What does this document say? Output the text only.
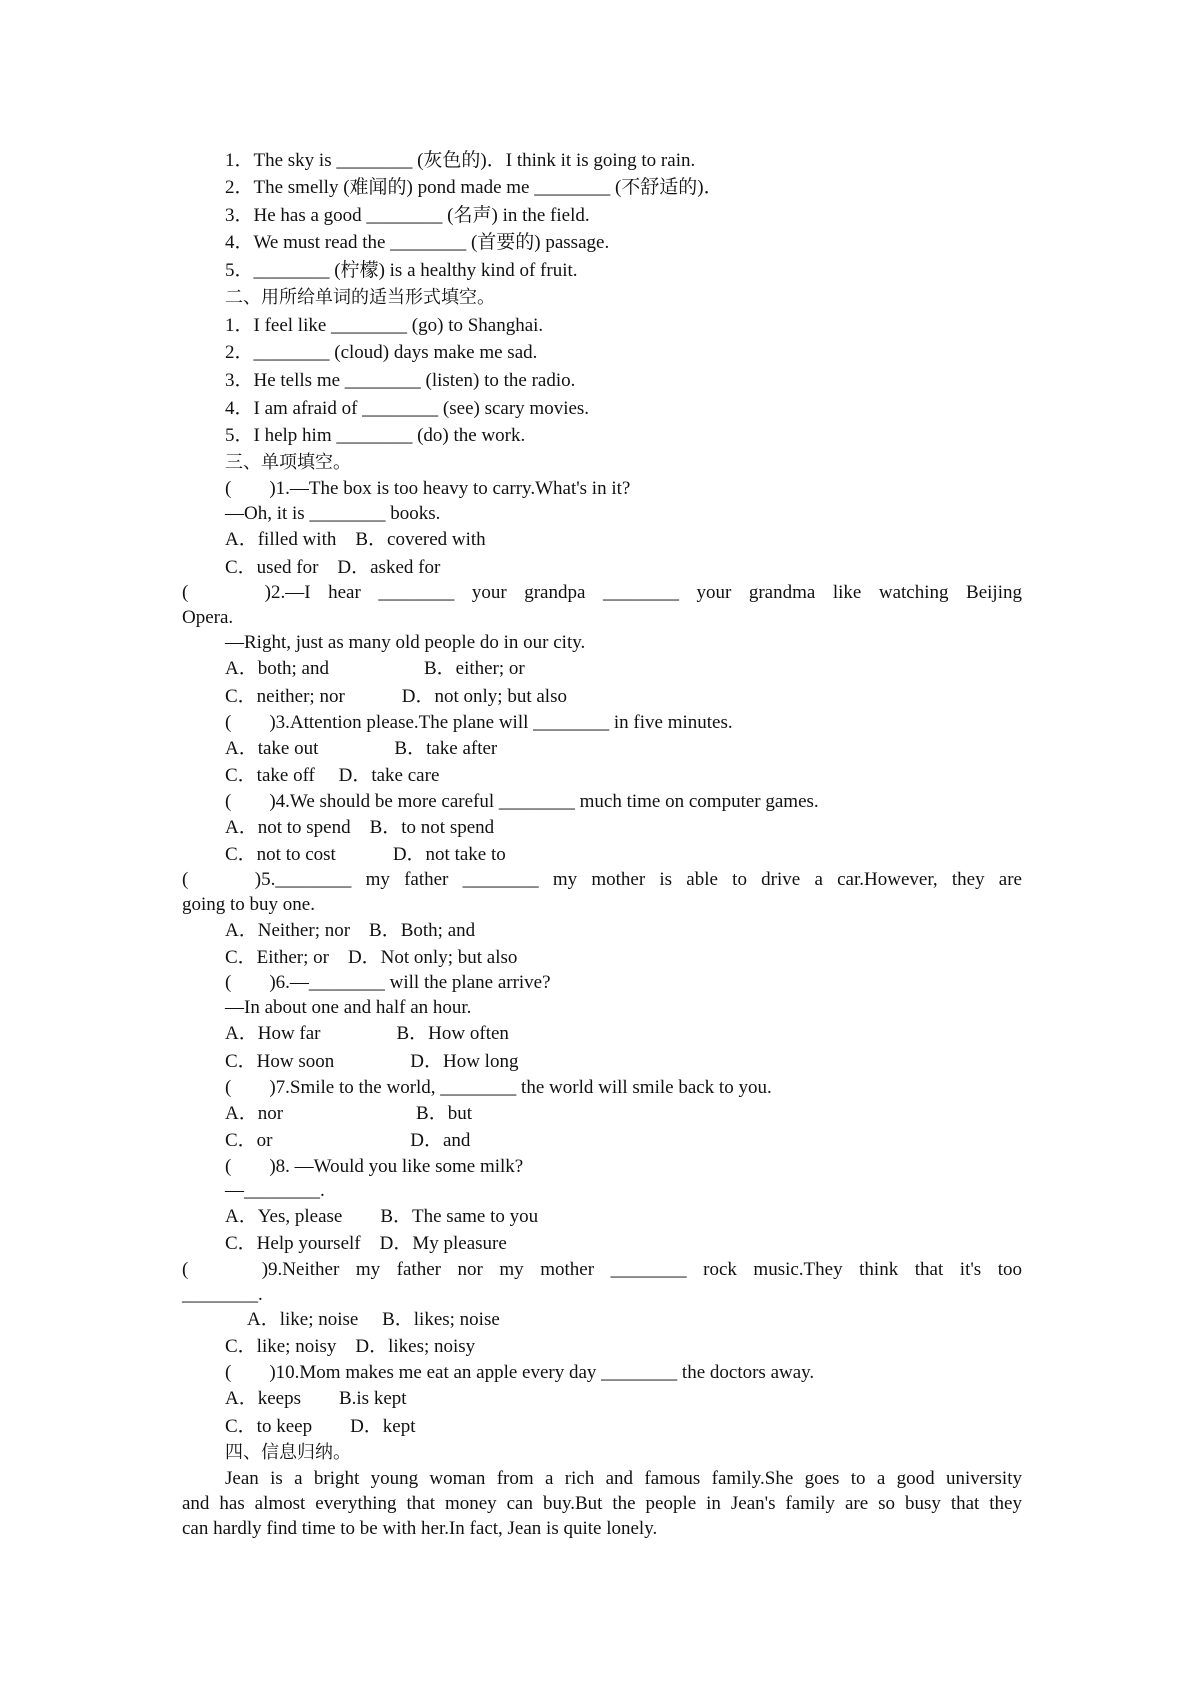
1．The sky is ________ (灰色的)．I think it is going to rain.
2．The smelly (难闻的) pond made me ________ (不舒适的)．
3．He has a good ________ (名声) in the field.
4．We must read the ________ (首要的) passage.
5．________ (柠檬) is a healthy kind of fruit.
二、用所给单词的适当形式填空。
1．I feel like ________ (go) to Shanghai.
2．________ (cloud) days make me sad.
3．He tells me ________ (listen) to the radio.
4．I am afraid of ________ (see) scary movies.
5．I help him ________ (do) the work.
三、单项填空。
(　　)1.—The box is too heavy to carry.What's in it?
—Oh, it is ________ books.
A．filled with　B．covered with
C．used for　D．asked for
(　　)2.—I hear ________ your grandpa ________ your grandma like watching Beijing
Opera.
—Right, just as many old people do in our city.
A．both; and　　　　　B．either; or
C．neither; nor　　　D．not only; but also
(　　)3.Attention please.The plane will ________ in five minutes.
A．take out　　　　B．take after
C．take off　 D．take care
(　　)4.We should be more careful ________ much time on computer games.
A．not to spend　B．to not spend
C．not to cost　　　D．not take to
(　　)5.________ my father ________ my mother is able to drive a car.However, they are
going to buy one.
A．Neither; nor　B．Both; and
C．Either; or　D．Not only; but also
(　　)6.—________ will the plane arrive?
—In about one and half an hour.
A．How far　　　　B．How often
C．How soon　　　　D．How long
(　　)7.Smile to the world, ________ the world will smile back to you.
A．nor　　　　　　　B．but
C．or　　　　　　　 D．and
(　　)8. —Would you like some milk?
—________.
A．Yes, please　　B．The same to you
C．Help yourself　D．My pleasure
(　　)9.Neither my father nor my mother ________ rock music.They think that it's too
________.
A．like; noise　 B．likes; noise
C．like; noisy　D．likes; noisy
(　　)10.Mom makes me eat an apple every day ________ the doctors away.
A．keeps　　B.is kept
C．to keep　　D．kept
四、信息归纳。
Jean is a bright young woman from a rich and famous family.She goes to a good university
and has almost everything that money can buy.But the people in Jean's family are so busy that they
can hardly find time to be with her.In fact, Jean is quite lonely.
